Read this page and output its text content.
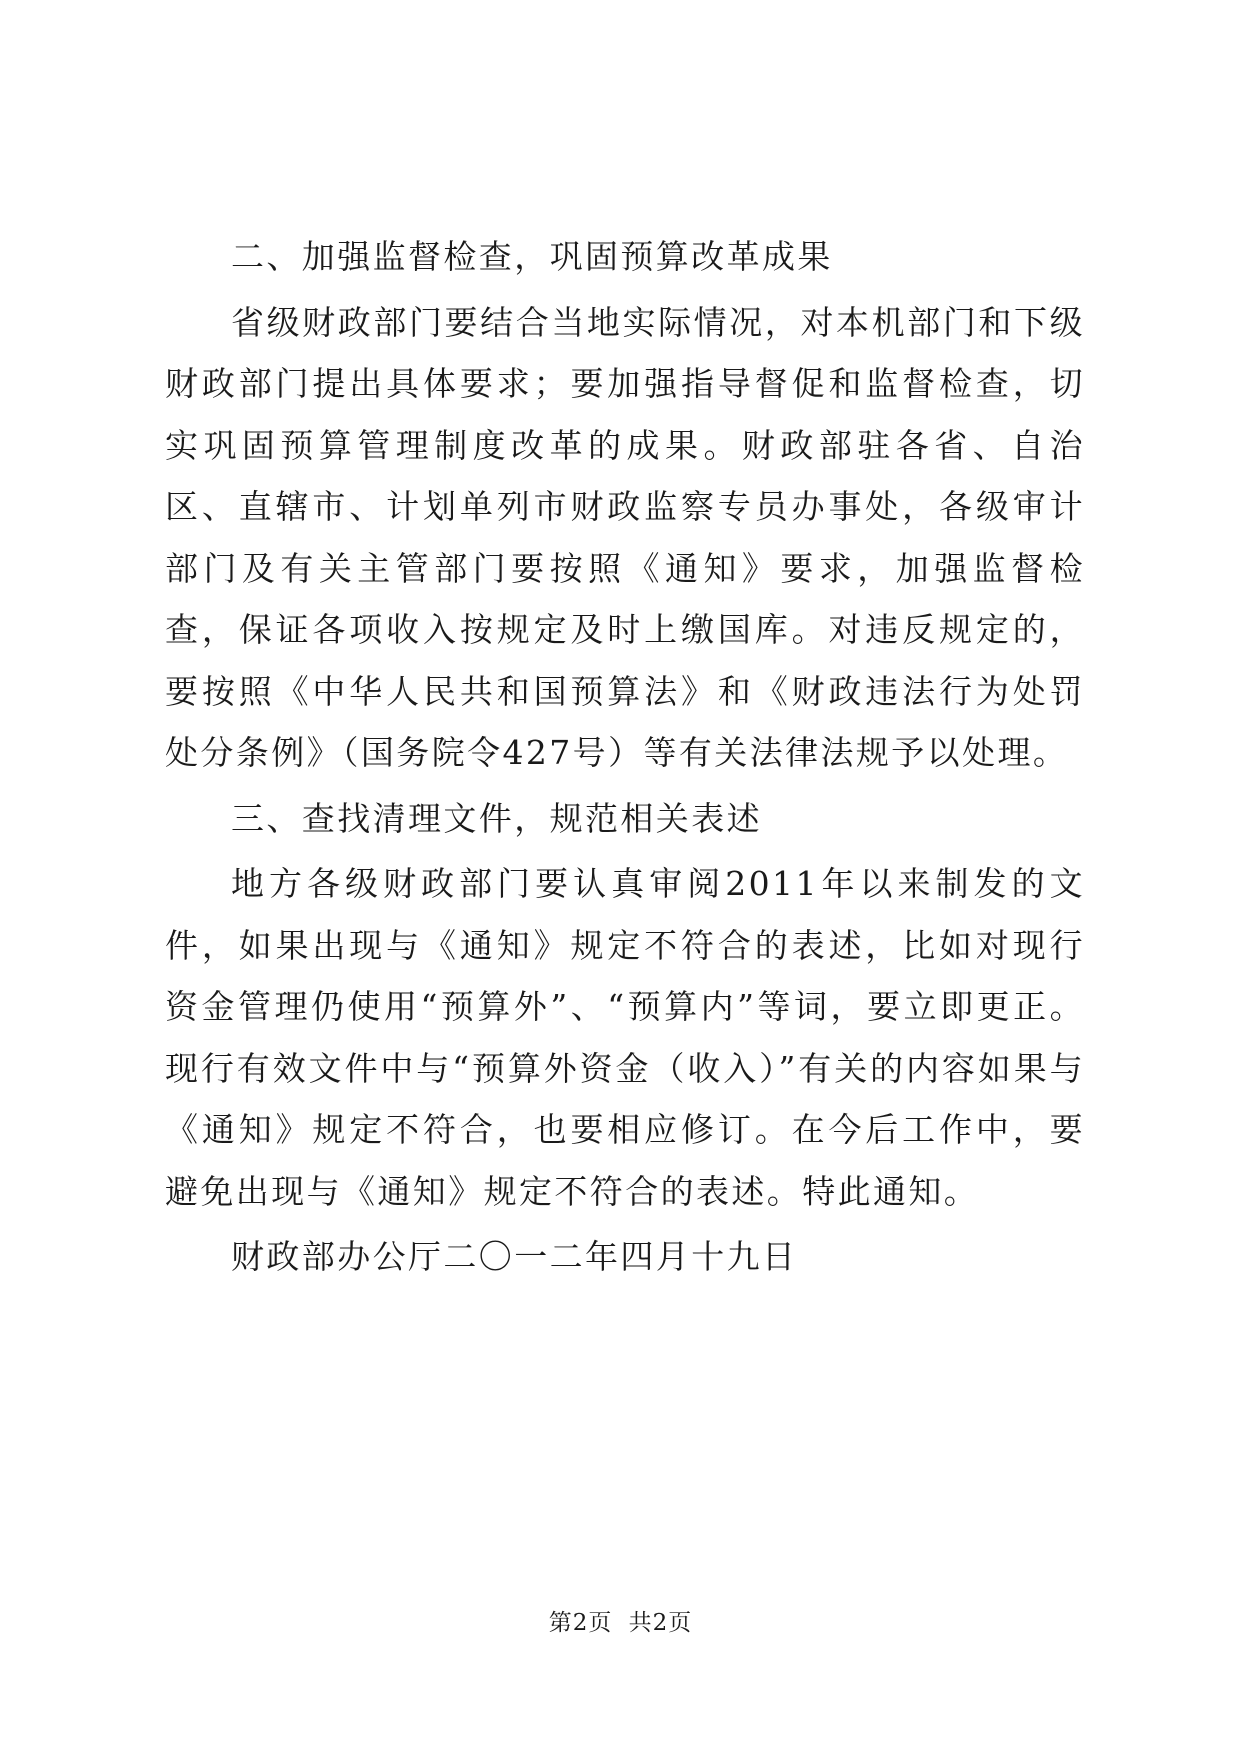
二、加强监督检查，巩固预算改革成果

省级财政部门要结合当地实际情况，对本机部门和下级财政部门提出具体要求；要加强指导督促和监督检查，切实巩固预算管理制度改革的成果。财政部驻各省、自治区、直辖市、计划单列市财政监察专员办事处，各级审计部门及有关主管部门要按照《通知》要求，加强监督检查，保证各项收入按规定及时上缴国库。对违反规定的，要按照《中华人民共和国预算法》和《财政违法行为处罚处分条例》（国务院令427号）等有关法律法规予以处理。

三、查找清理文件，规范相关表述

地方各级财政部门要认真审阅2011年以来制发的文件，如果出现与《通知》规定不符合的表述，比如对现行资金管理仍使用“预算外”、“预算内”等词，要立即更正。现行有效文件中与“预算外资金（收入）”有关的内容如果与《通知》规定不符合，也要相应修订。在今后工作中，要避免出现与《通知》规定不符合的表述。特此通知。

财政部办公厅二〇一二年四月十九日

第2页 共2页
